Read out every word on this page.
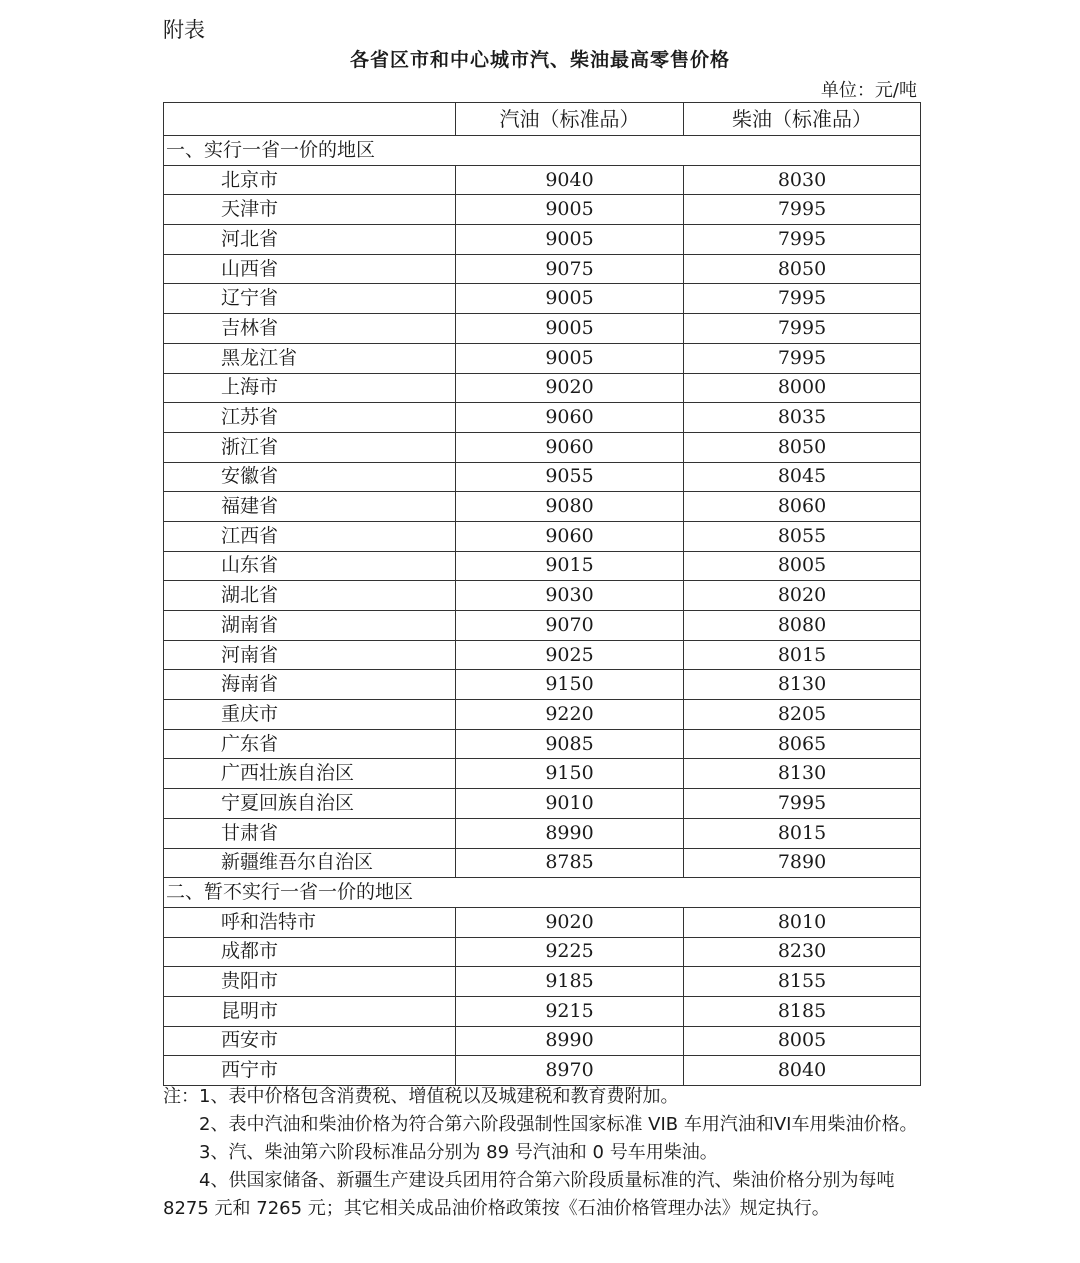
附表
各省区市和中心城市汽、柴油最高零售价格
单位：元/吨
	汽油（标准品）	柴油（标准品）
一、实行一省一价的地区		
北京市	9040	8030
天津市	9005	7995
河北省	9005	7995
山西省	9075	8050
辽宁省	9005	7995
吉林省	9005	7995
黑龙江省	9005	7995
上海市	9020	8000
江苏省	9060	8035
浙江省	9060	8050
安徽省	9055	8045
福建省	9080	8060
江西省	9060	8055
山东省	9015	8005
湖北省	9030	8020
湖南省	9070	8080
河南省	9025	8015
海南省	9150	8130
重庆市	9220	8205
广东省	9085	8065
广西壮族自治区	9150	8130
宁夏回族自治区	9010	7995
甘肃省	8990	8015
新疆维吾尔自治区	8785	7890
二、暂不实行一省一价的地区		
呼和浩特市	9020	8010
成都市	9225	8230
贵阳市	9185	8155
昆明市	9215	8185
西安市	8990	8005
西宁市	8970	8040

注：1、表中价格包含消费税、增值税以及城建税和教育费附加。

2、表中汽油和柴油价格为符合第六阶段强制性国家标准 VIB 车用汽油和VI车用柴油价格。

3、汽、柴油第六阶段标准品分别为 89 号汽油和 0 号车用柴油。

4、供国家储备、新疆生产建设兵团用符合第六阶段质量标准的汽、柴油价格分别为每吨 8275 元和 7265 元；其它相关成品油价格政策按《石油价格管理办法》规定执行。
